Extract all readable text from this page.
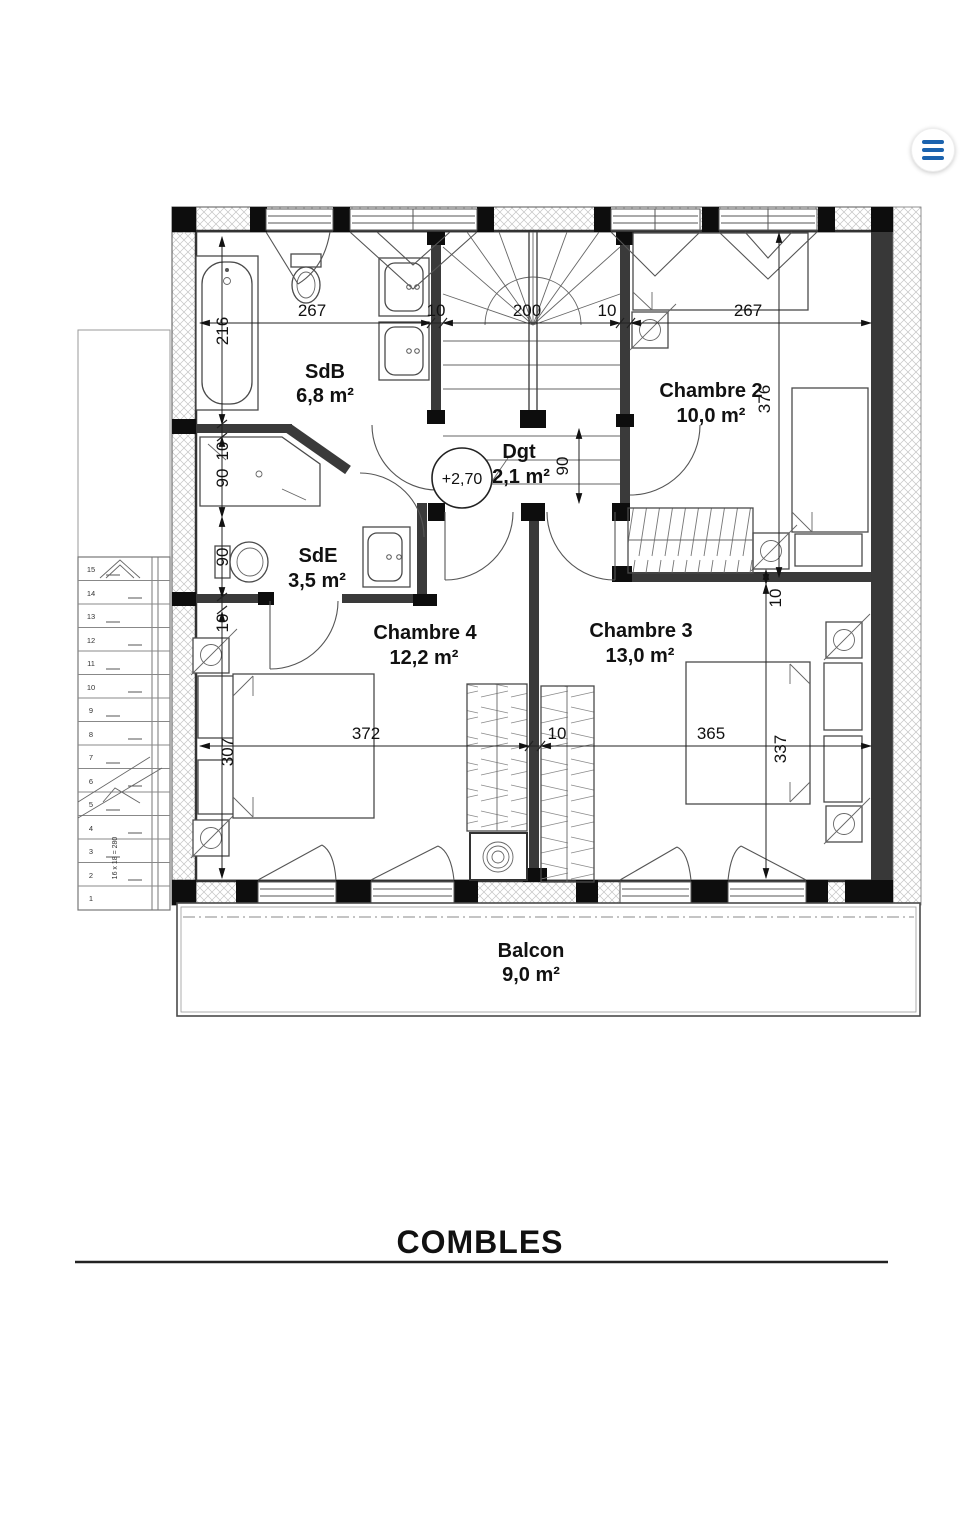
267	10	200	10	267
216
10
90
90
10
307
372	10	365
376
10
337
90
SdB
6,8 m²	Chambre 2
10,0 m²
Dgt
2,1 m²
SdE
3,5 m²
Chambre 4
12,2 m²
Chambre 3
13,0 m²
+2,70
Balcon
9,0 m²
1
2
3
4
5
6
7
8
9
10
11
12
13
14
15
16 x 18 = 280
COMBLES
